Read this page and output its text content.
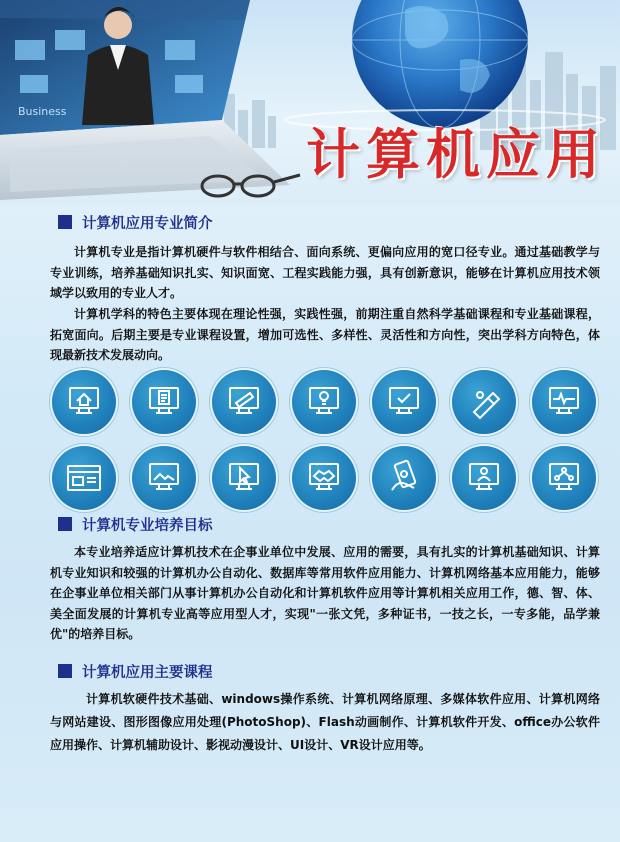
Business
计算机应用
计算机应用专业简介

计算机专业是指计算机硬件与软件相结合、面向系统、更偏向应用的宽口径专业。通过基础教学与专业训练，培养基础知识扎实、知识面宽、工程实践能力强，具有创新意识，能够在计算机应用技术领域学以致用的专业人才。

计算机学科的特色主要体现在理论性强，实践性强，前期注重自然科学基础课程和专业基础课程，拓宽面向。后期主要是专业课程设置，增加可选性、多样性、灵活性和方向性，突出学科方向特色，体现最新技术发展动向。

计算机专业培养目标

本专业培养适应计算机技术在企事业单位中发展、应用的需要，具有扎实的计算机基础知识、计算机专业知识和较强的计算机办公自动化、数据库等常用软件应用能力、计算机网络基本应用能力，能够在企事业单位相关部门从事计算机办公自动化和计算机软件应用等计算机相关应用工作，德、智、体、美全面发展的计算机专业高等应用型人才，实现"一张文凭，多种证书，一技之长，一专多能，品学兼优"的培养目标。

计算机应用主要课程

计算机软硬件技术基础、windows操作系统、计算机网络原理、多媒体软件应用、计算机网络与网站建设、图形图像应用处理(PhotoShop)、Flash动画制作、计算机软件开发、office办公软件应用操作、计算机辅助设计、影视动漫设计、UI设计、VR设计应用等。
